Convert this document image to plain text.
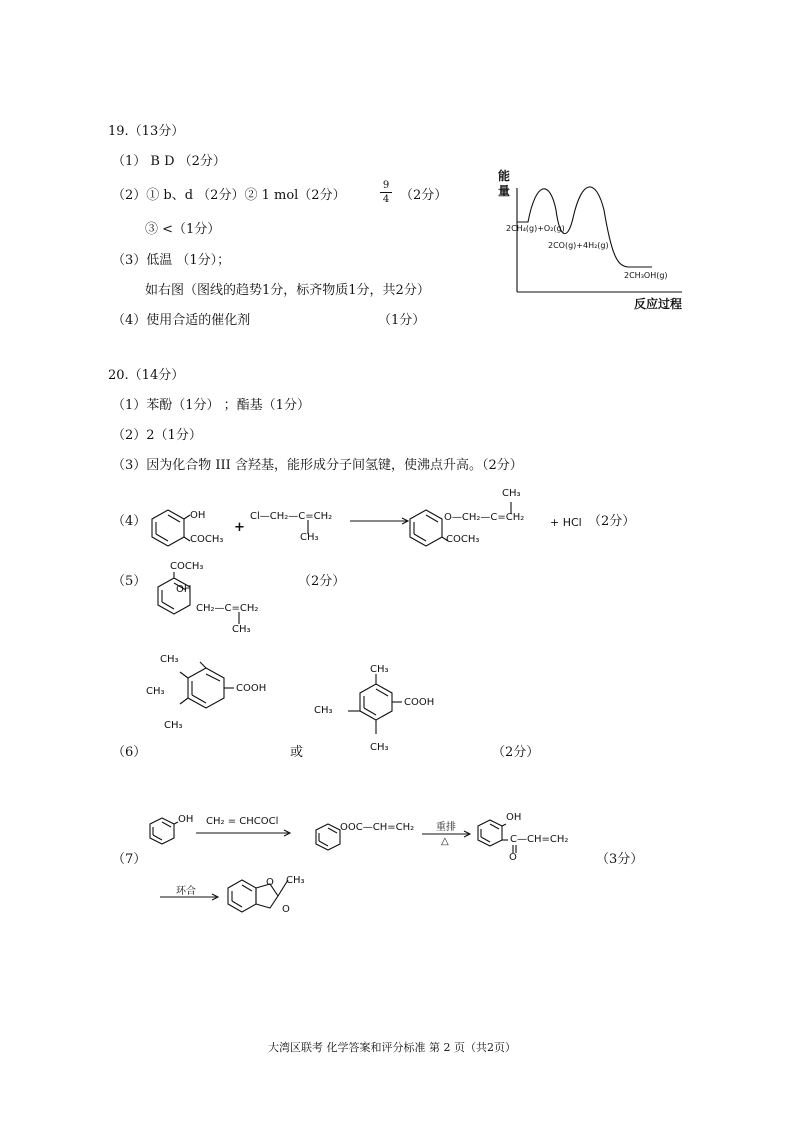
19.（13分）
（1） B D （2分）
（2）① b、d （2分）② 1 mol（2分）
9
4 （2分）
③ <（1分）
（3）低温 （1分）；
如右图（图线的趋势1分，标齐物质1分，共2分）
（4）使用合适的催化剂	（1分）
能
量
反应过程
2CH₄(g)+O₂(g)
2CO(g)+4H₂(g)
2CH₃OH(g)
20.（14分）
（1）苯酚（1分） ；酯基（1分）
（2）2（1分）
（3）因为化合物 III 含羟基，能形成分子间氢键，使沸点升高。（2分）
（4）	OH
COCH₃
+
Cl—CH₂—C=CH₂
CH₃
O—CH₂—C=CH₂
CH₃
COCH₃
+ HCl （2分）
（5）
COCH₃
OH
CH₂—C=CH₂
CH₃
（2分）
CH₃
CH₃
CH₃
COOH
CH₃
CH₃
CH₃
COOH
（6）	或	（2分）
OH CH₂ = CHCOCl
OOC—CH=CH₂ 重排
△
OH
C—CH=CH₂
O
（7）	（3分）
环合
O CH₃
O
大湾区联考 化学答案和评分标准 第 2 页（共2页）
